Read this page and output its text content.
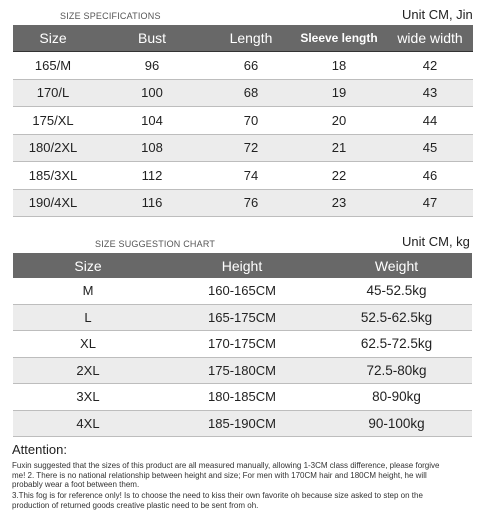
SIZE SPECIFICATIONS	Unit CM, Jin
Size	Bust	Length	Sleeve length	wide width
165/M	96	66	18	42
170/L	100	68	19	43
175/XL	104	70	20	44
180/2XL	108	72	21	45
185/3XL	112	74	22	46
190/4XL	116	76	23	47
SIZE SUGGESTION CHART	Unit CM, kg
Size	Height	Weight
M	160-165CM	45-52.5kg
L	165-175CM	52.5-62.5kg
XL	170-175CM	62.5-72.5kg
2XL	175-180CM	72.5-80kg
3XL	180-185CM	80-90kg
4XL	185-190CM	90-100kg
Attention:
Fuxin suggested that the sizes of this product are all measured manually, allowing 1-3CM class difference, please forgive me! 2. There is no national relationship between height and size; For men with 170CM hair and 180CM height, he will probably wear a foot between them.
3.This fog is for reference only! Is to choose the need to kiss their own favorite oh because size asked to step on the production of returned goods creative plastic need to be sent from oh.
